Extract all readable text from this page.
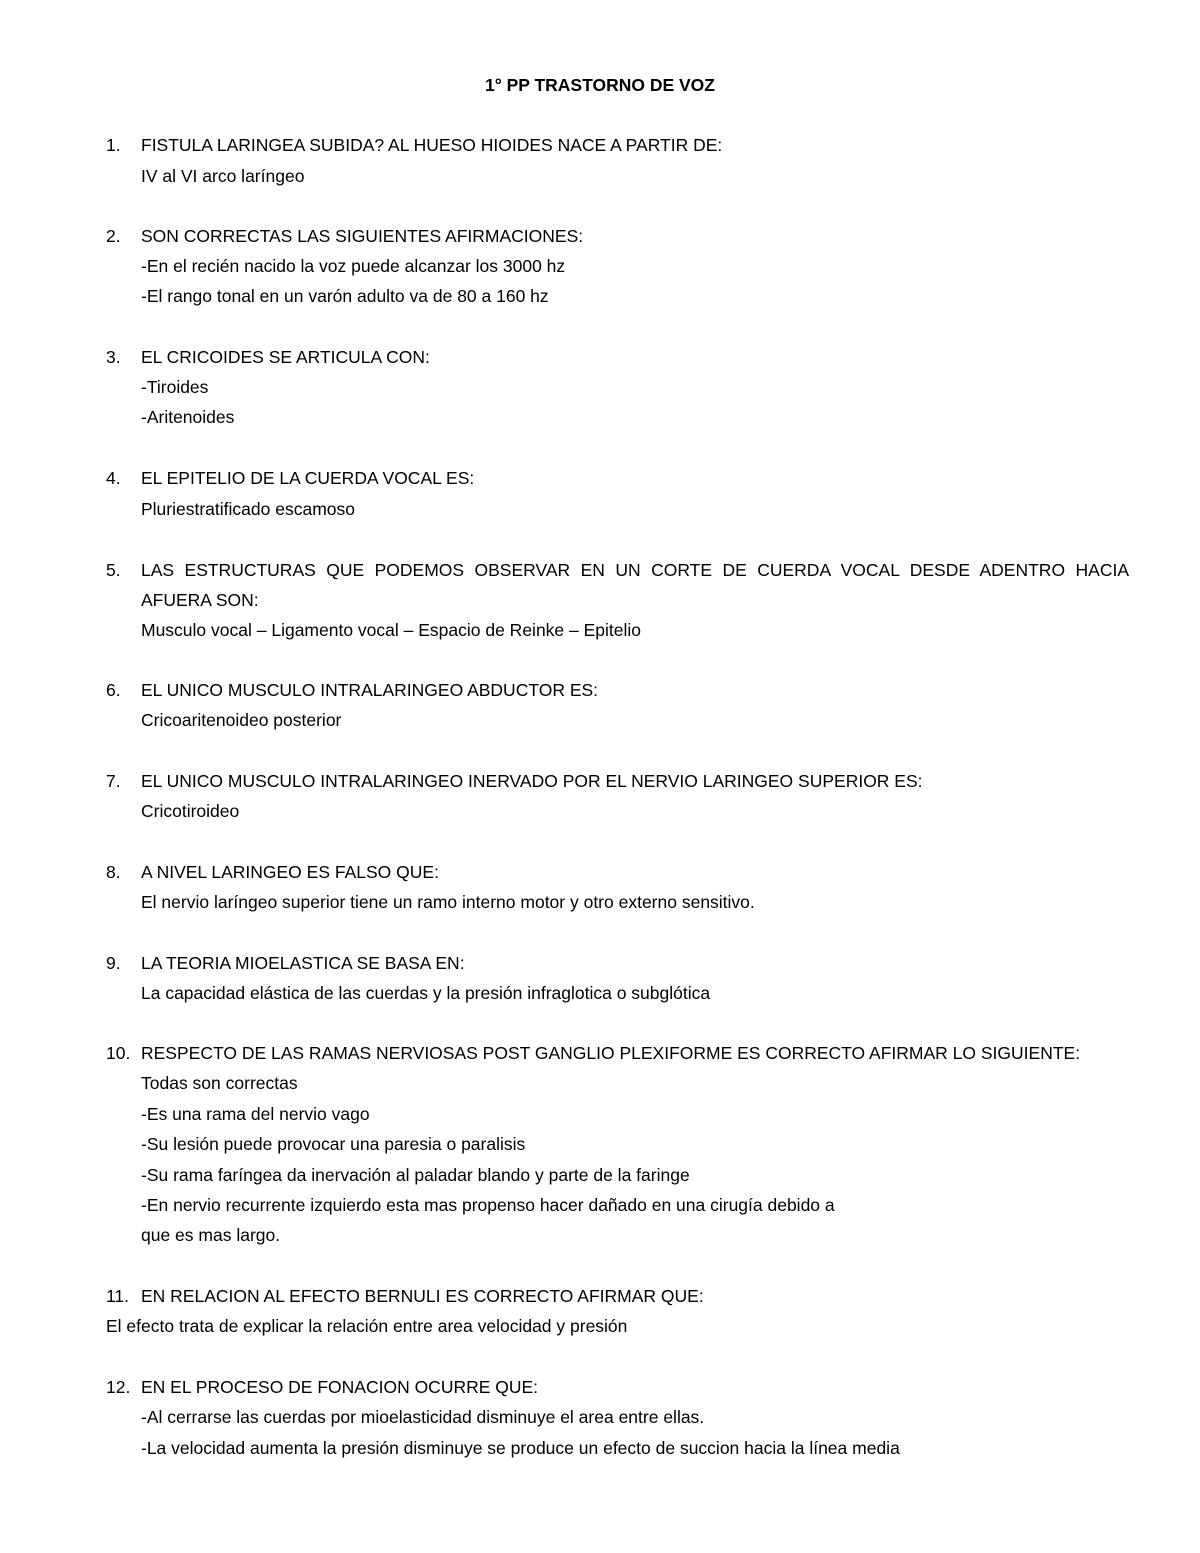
1° PP TRASTORNO DE VOZ
1. FISTULA LARINGEA SUBIDA? AL HUESO HIOIDES NACE A PARTIR DE:
IV al VI arco laríngeo
2. SON CORRECTAS LAS SIGUIENTES AFIRMACIONES:
-En el recién nacido la voz puede alcanzar los 3000 hz
-El rango tonal en un varón adulto va de 80 a 160 hz
3. EL CRICOIDES SE ARTICULA CON:
-Tiroides
-Aritenoides
4. EL EPITELIO DE LA CUERDA VOCAL ES:
Pluriestratificado escamoso
5. LAS ESTRUCTURAS QUE PODEMOS OBSERVAR EN UN CORTE DE CUERDA VOCAL DESDE ADENTRO HACIA
AFUERA SON:
Musculo vocal – Ligamento vocal – Espacio de Reinke – Epitelio
6. EL UNICO MUSCULO INTRALARINGEO ABDUCTOR ES:
Cricoaritenoideo posterior
7. EL UNICO MUSCULO INTRALARINGEO INERVADO POR EL NERVIO LARINGEO SUPERIOR ES:
Cricotiroideo
8. A NIVEL LARINGEO ES FALSO QUE:
El nervio laríngeo superior tiene un ramo interno motor y otro externo sensitivo.
9. LA TEORIA MIOELASTICA SE BASA EN:
La capacidad elástica de las cuerdas y la presión infraglotica o subglótica
10. RESPECTO DE LAS RAMAS NERVIOSAS POST GANGLIO PLEXIFORME ES CORRECTO AFIRMAR LO SIGUIENTE:
Todas son correctas
-Es una rama del nervio vago
-Su lesión puede provocar una paresia o paralisis
-Su rama faríngea da inervación al paladar blando y parte de la faringe
-En nervio recurrente izquierdo esta mas propenso hacer dañado en una cirugía debido a
que es mas largo.
11. EN RELACION AL EFECTO BERNULI ES CORRECTO AFIRMAR QUE:
El efecto trata de explicar la relación entre area velocidad y presión
12. EN EL PROCESO DE FONACION OCURRE QUE:
-Al cerrarse las cuerdas por mioelasticidad disminuye el area entre ellas.
-La velocidad aumenta la presión disminuye se produce un efecto de succion hacia la línea media
